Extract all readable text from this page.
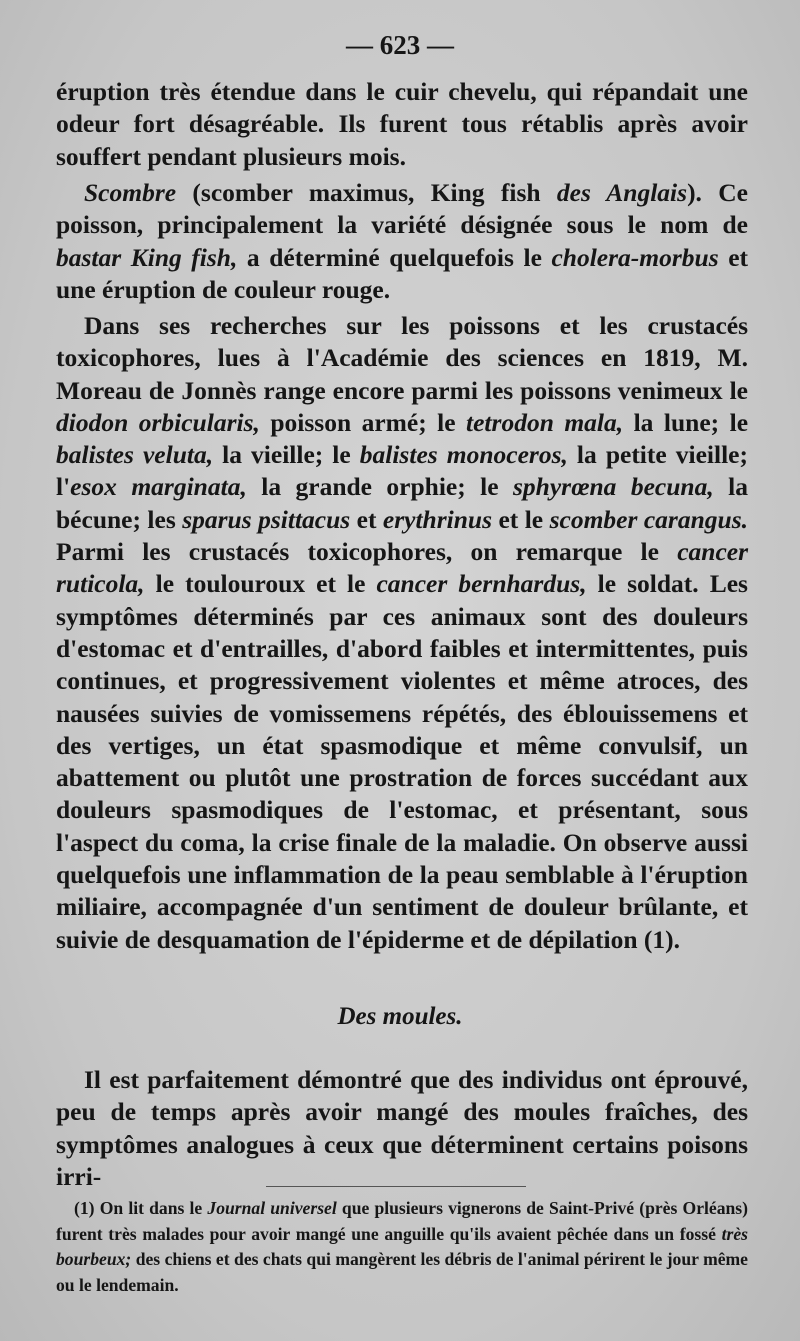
— 623 —
éruption très étendue dans le cuir chevelu, qui répandait une odeur fort désagréable. Ils furent tous rétablis après avoir souffert pendant plusieurs mois.
Scombre (scomber maximus, King fish des Anglais). Ce poisson, principalement la variété désignée sous le nom de bastar King fish, a déterminé quelquefois le cholera-morbus et une éruption de couleur rouge.
Dans ses recherches sur les poissons et les crustacés toxicophores, lues à l'Académie des sciences en 1819, M. Moreau de Jonnès range encore parmi les poissons venimeux le diodon orbicularis, poisson armé; le tetrodon mala, la lune; le balistes veluta, la vieille; le balistes monoceros, la petite vieille; l'esox marginata, la grande orphie; le sphyrœna becuna, la bécune; les sparus psittacus et erythrinus et le scomber carangus. Parmi les crustacés toxicophores, on remarque le cancer ruticola, le toulouroux et le cancer bernhardus, le soldat. Les symptômes déterminés par ces animaux sont des douleurs d'estomac et d'entrailles, d'abord faibles et intermittentes, puis continues, et progressivement violentes et même atroces, des nausées suivies de vomissemens répétés, des éblouissemens et des vertiges, un état spasmodique et même convulsif, un abattement ou plutôt une prostration de forces succédant aux douleurs spasmodiques de l'estomac, et présentant, sous l'aspect du coma, la crise finale de la maladie. On observe aussi quelquefois une inflammation de la peau semblable à l'éruption miliaire, accompagnée d'un sentiment de douleur brûlante, et suivie de desquamation de l'épiderme et de dépilation (1).
Des moules.
Il est parfaitement démontré que des individus ont éprouvé, peu de temps après avoir mangé des moules fraîches, des symptômes analogues à ceux que déterminent certains poisons irri-
(1) On lit dans le Journal universel que plusieurs vignerons de Saint-Privé (près Orléans) furent très malades pour avoir mangé une anguille qu'ils avaient pêchée dans un fossé très bourbeux; des chiens et des chats qui mangèrent les débris de l'animal périrent le jour même ou le lendemain.
